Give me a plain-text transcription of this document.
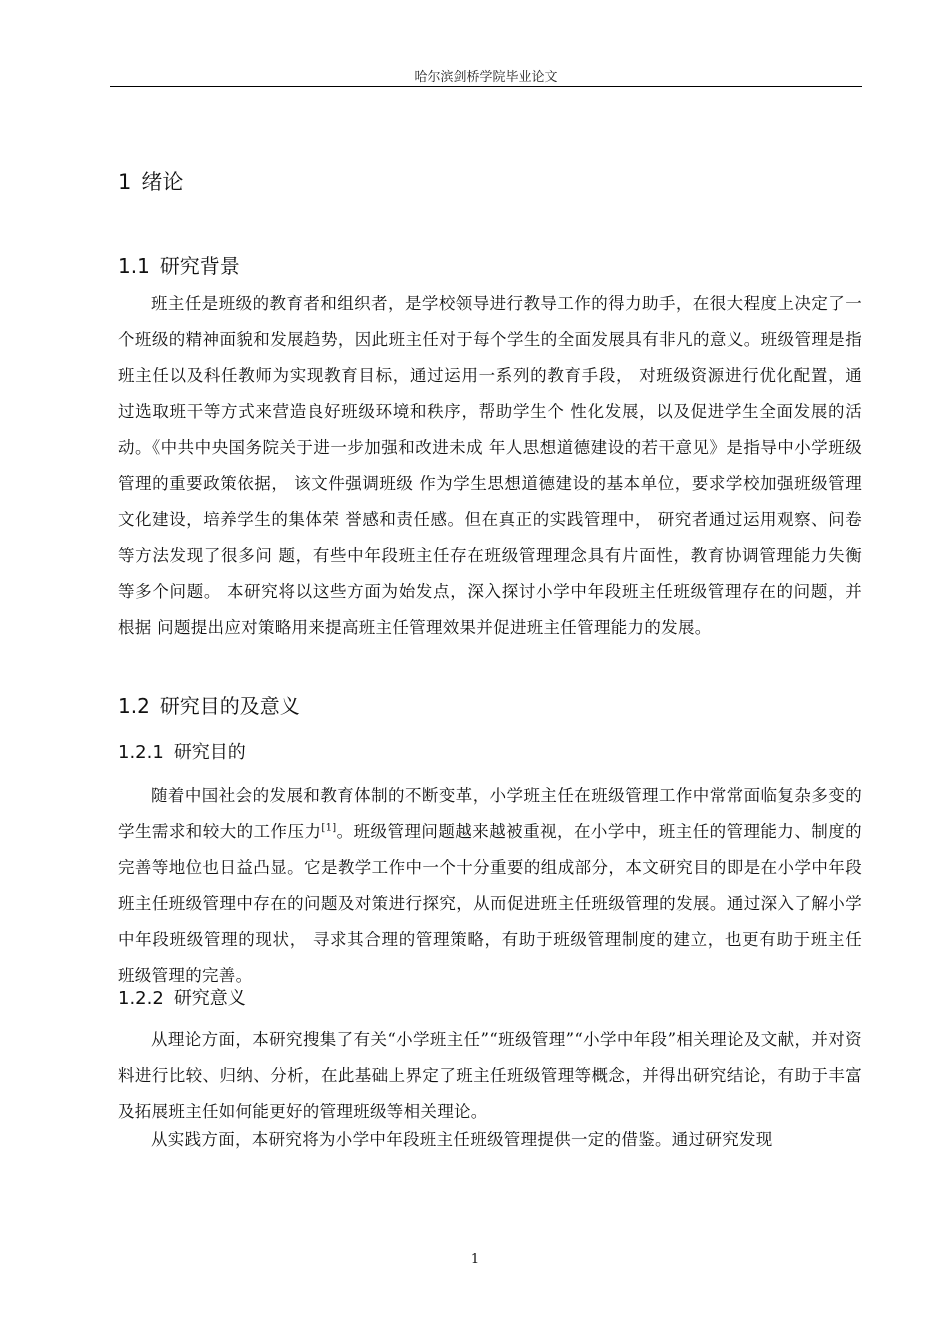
哈尔滨剑桥学院毕业论文
1 绪论
1.1 研究背景
班主任是班级的教育者和组织者，是学校领导进行教导工作的得力助手，在很大程度上决定了一个班级的精神面貌和发展趋势，因此班主任对于每个学生的全面发展具有非凡的意义。班级管理是指班主任以及科任教师为实现教育目标，通过运用一系列的教育手段， 对班级资源进行优化配置，通过选取班干等方式来营造良好班级环境和秩序，帮助学生个 性化发展，以及促进学生全面发展的活动。《中共中央国务院关于进一步加强和改进未成 年人思想道德建设的若干意见》是指导中小学班级管理的重要政策依据， 该文件强调班级 作为学生思想道德建设的基本单位，要求学校加强班级管理文化建设，培养学生的集体荣 誉感和责任感。但在真正的实践管理中， 研究者通过运用观察、问卷等方法发现了很多问 题，有些中年段班主任存在班级管理理念具有片面性，教育协调管理能力失衡等多个问题。 本研究将以这些方面为始发点，深入探讨小学中年段班主任班级管理存在的问题，并根据 问题提出应对策略用来提高班主任管理效果并促进班主任管理能力的发展。
1.2 研究目的及意义
1.2.1 研究目的
随着中国社会的发展和教育体制的不断变革，小学班主任在班级管理工作中常常面临复杂多变的学生需求和较大的工作压力[1]。班级管理问题越来越被重视，在小学中，班主任的管理能力、制度的完善等地位也日益凸显。它是教学工作中一个十分重要的组成部分，本文研究目的即是在小学中年段班主任班级管理中存在的问题及对策进行探究，从而促进班主任班级管理的发展。通过深入了解小学中年段班级管理的现状， 寻求其合理的管理策略，有助于班级管理制度的建立，也更有助于班主任班级管理的完善。
1.2.2 研究意义
从理论方面，本研究搜集了有关“小学班主任”“班级管理”“小学中年段”相关理论及文献，并对资料进行比较、归纳、分析，在此基础上界定了班主任班级管理等概念，并得出研究结论，有助于丰富及拓展班主任如何能更好的管理班级等相关理论。
从实践方面，本研究将为小学中年段班主任班级管理提供一定的借鉴。通过研究发现
1
